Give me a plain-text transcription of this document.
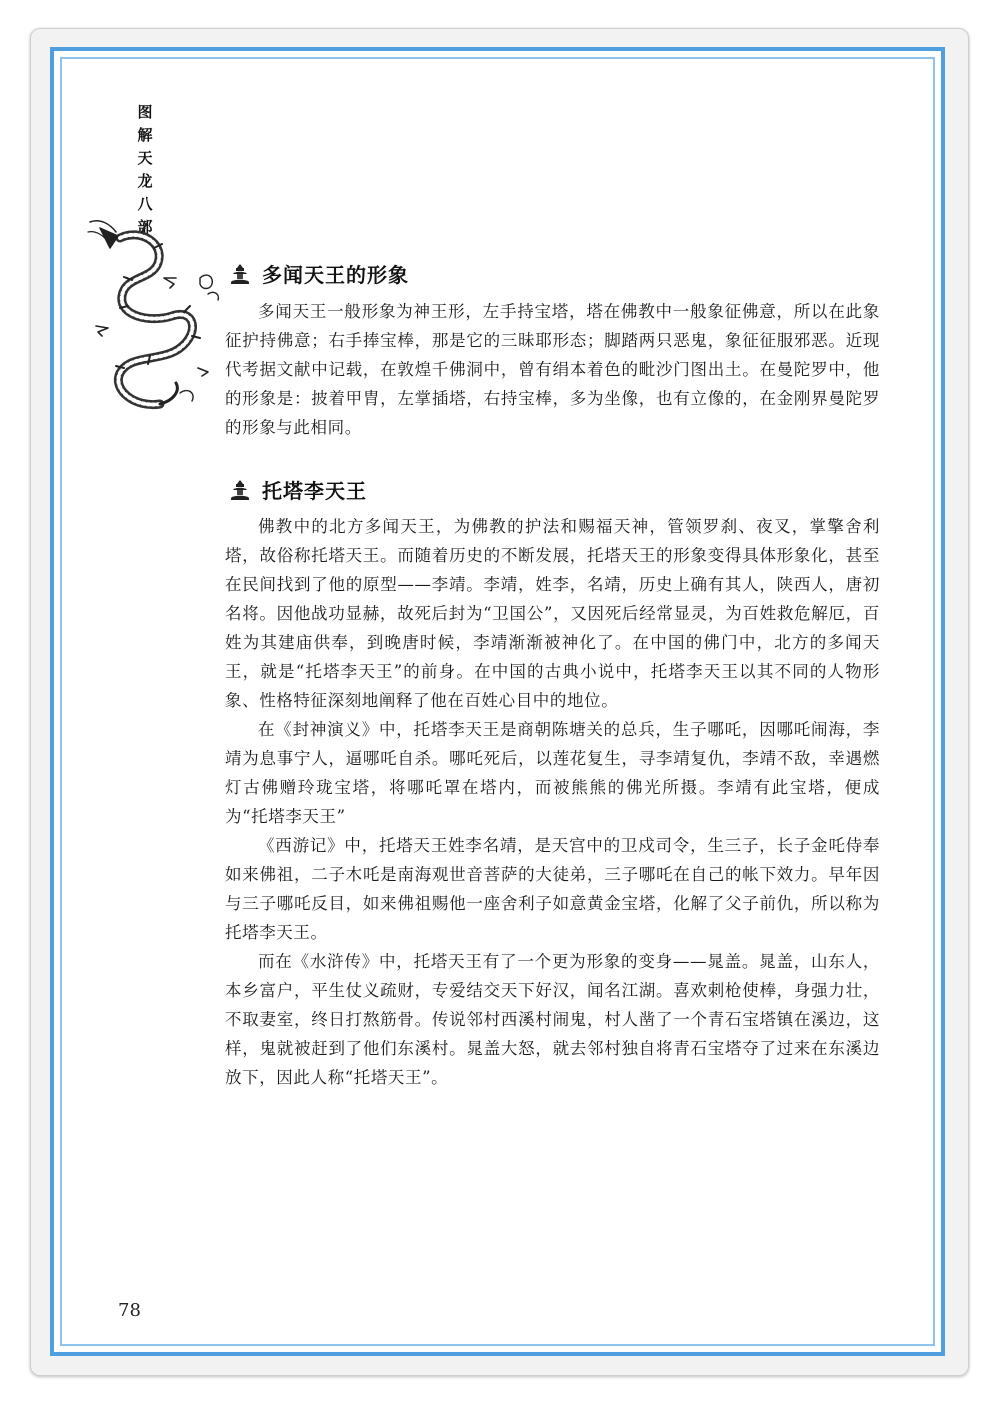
图
解
天
龙
八
部
多闻天王的形象

多闻天王一般形象为神王形，左手持宝塔，塔在佛教中一般象征佛意，所以在此象征护持佛意；右手捧宝棒，那是它的三昧耶形态；脚踏两只恶鬼，象征征服邪恶。近现代考据文献中记载，在敦煌千佛洞中，曾有绢本着色的毗沙门图出土。在曼陀罗中，他的形象是：披着甲胄，左掌插塔，右持宝棒，多为坐像，也有立像的，在金刚界曼陀罗的形象与此相同。

托塔李天王

佛教中的北方多闻天王，为佛教的护法和赐福天神，管领罗刹、夜叉，掌擎舍利塔，故俗称托塔天王。而随着历史的不断发展，托塔天王的形象变得具体形象化，甚至在民间找到了他的原型——李靖。李靖，姓李，名靖，历史上确有其人，陕西人，唐初名将。因他战功显赫，故死后封为“卫国公”，又因死后经常显灵，为百姓救危解厄，百姓为其建庙供奉，到晚唐时候，李靖渐渐被神化了。在中国的佛门中，北方的多闻天王，就是“托塔李天王”的前身。在中国的古典小说中，托塔李天王以其不同的人物形象、性格特征深刻地阐释了他在百姓心目中的地位。

在《封神演义》中，托塔李天王是商朝陈塘关的总兵，生子哪吒，因哪吒闹海，李靖为息事宁人，逼哪吒自杀。哪吒死后，以莲花复生，寻李靖复仇，李靖不敌，幸遇燃灯古佛赠玲珑宝塔，将哪吒罩在塔内，而被熊熊的佛光所摄。李靖有此宝塔，便成为“托塔李天王”

《西游记》中，托塔天王姓李名靖，是天宫中的卫戍司令，生三子，长子金吒侍奉如来佛祖，二子木吒是南海观世音菩萨的大徒弟，三子哪吒在自己的帐下效力。早年因与三子哪吒反目，如来佛祖赐他一座舍利子如意黄金宝塔，化解了父子前仇，所以称为托塔李天王。

而在《水浒传》中，托塔天王有了一个更为形象的变身——晁盖。晁盖，山东人，本乡富户，平生仗义疏财，专爱结交天下好汉，闻名江湖。喜欢刺枪使棒，身强力壮，不取妻室，终日打熬筋骨。传说邻村西溪村闹鬼，村人凿了一个青石宝塔镇在溪边，这样，鬼就被赶到了他们东溪村。晁盖大怒，就去邻村独自将青石宝塔夺了过来在东溪边放下，因此人称“托塔天王”。

78
